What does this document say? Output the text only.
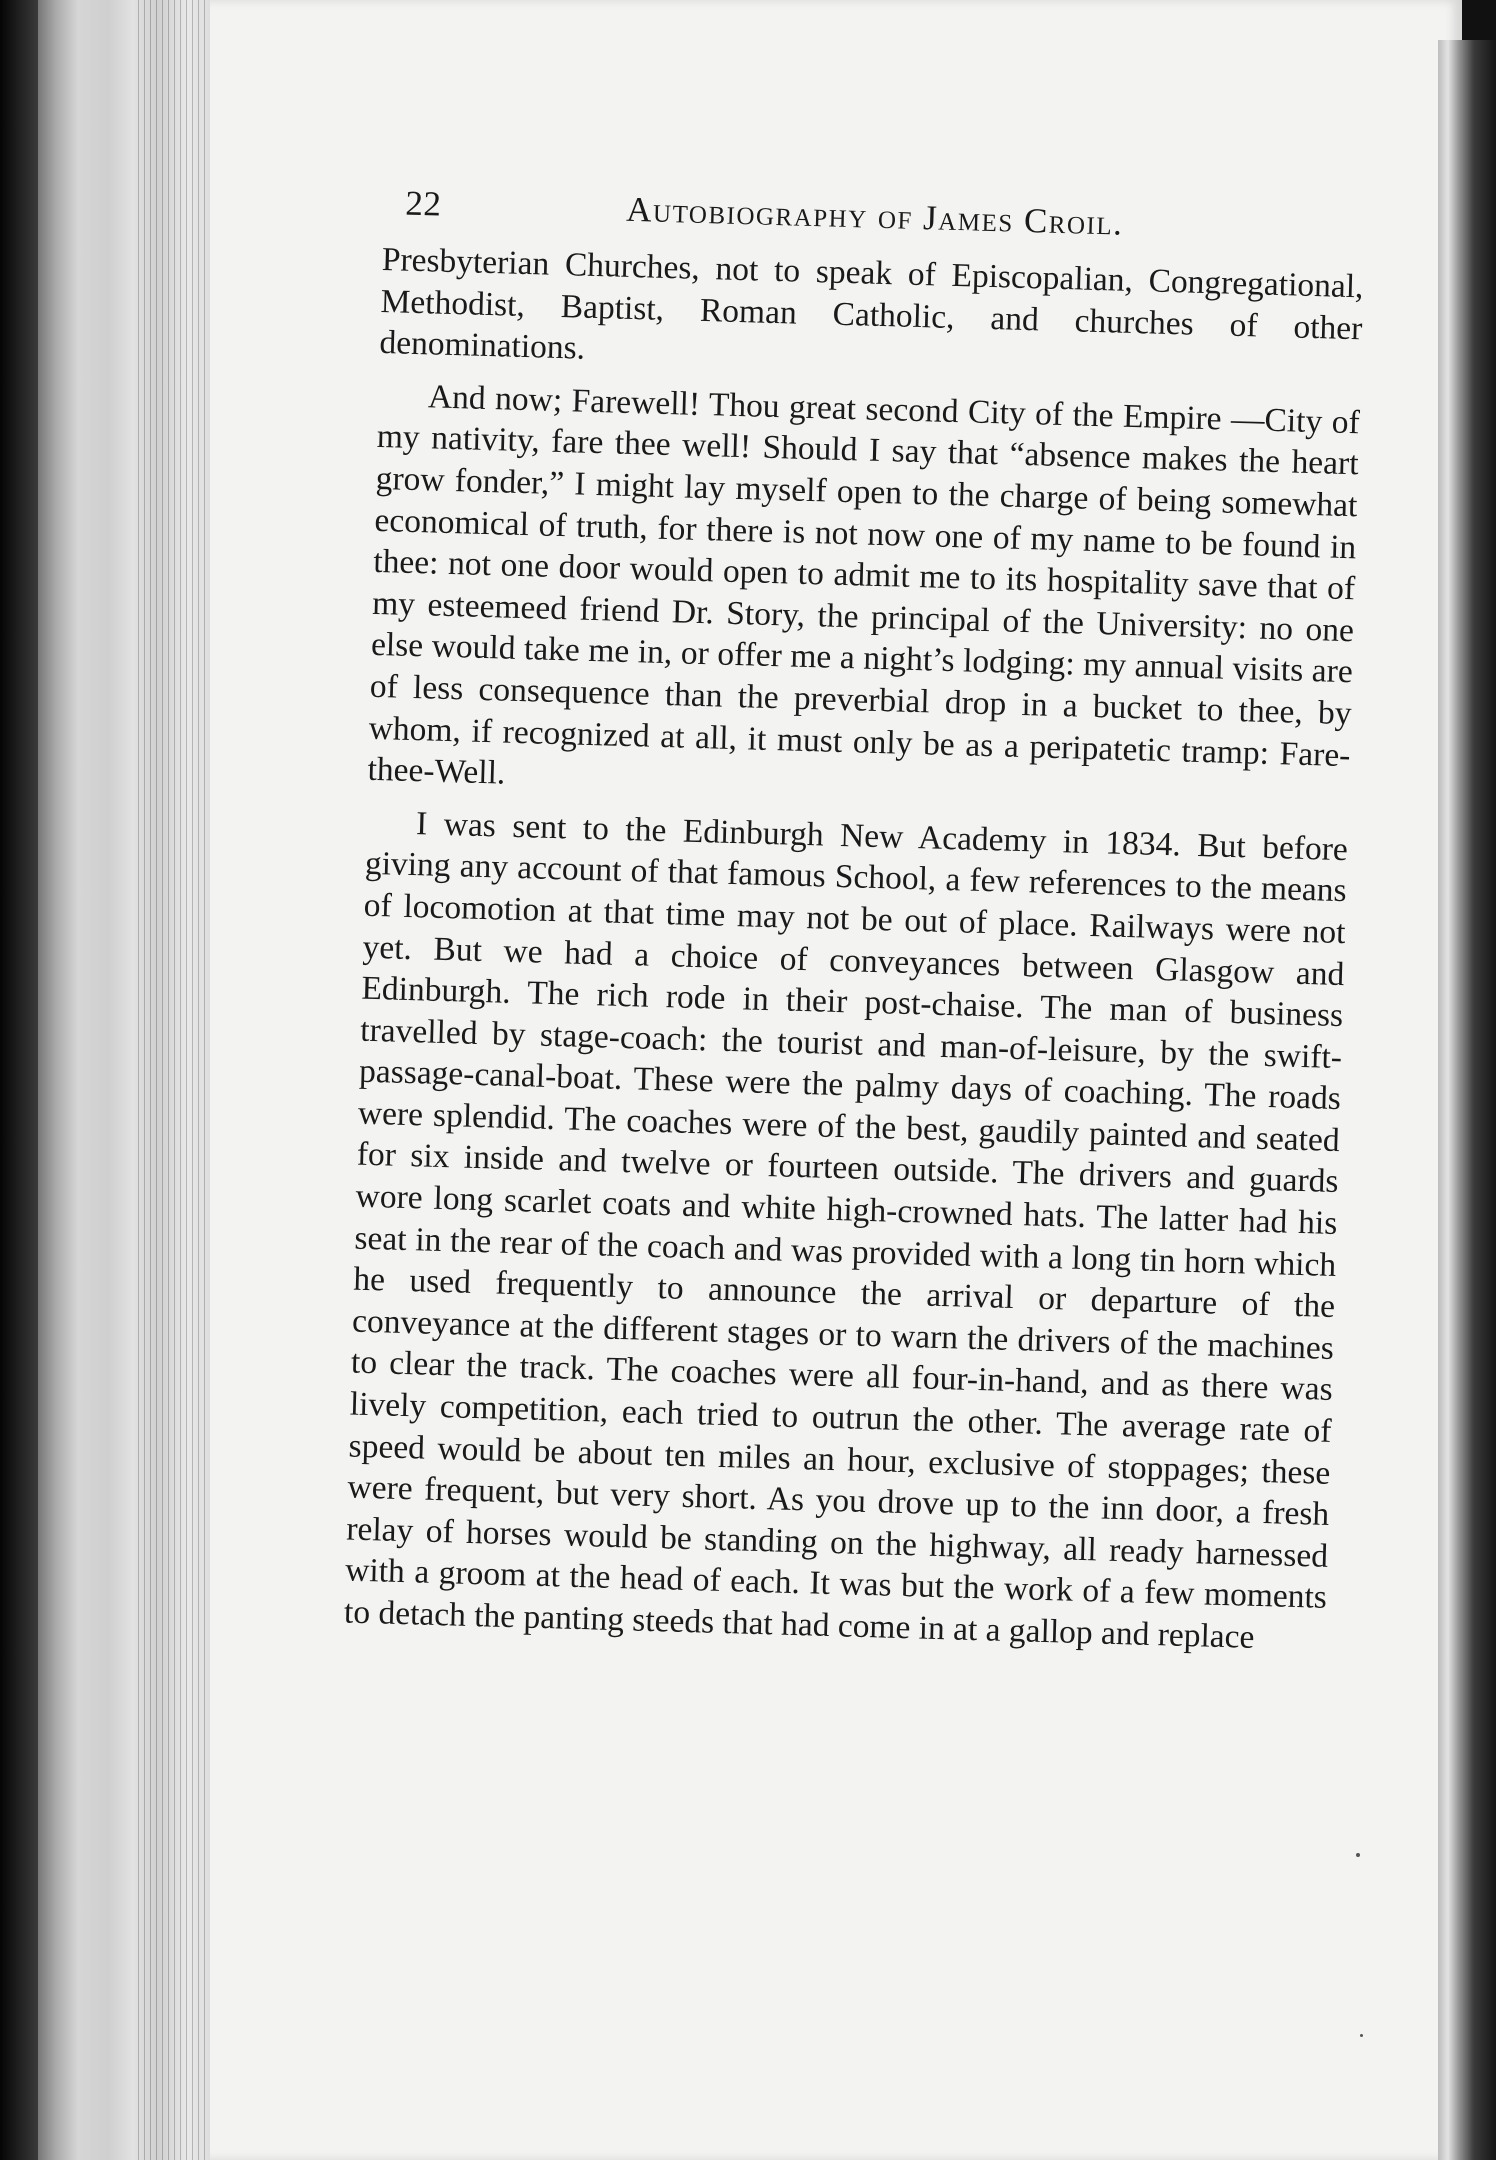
22	Autobiography of James Croil.

Presbyterian Churches, not to speak of Episcopalian, Congregational, Methodist, Baptist, Roman Catholic, and churches of other denominations.

And now; Farewell! Thou great second City of the Empire —City of my nativity, fare thee well! Should I say that “absence makes the heart grow fonder,” I might lay myself open to the charge of being somewhat economical of truth, for there is not now one of my name to be found in thee: not one door would open to admit me to its hospitality save that of my esteemeed friend Dr. Story, the principal of the University: no one else would take me in, or offer me a night’s lodging: my annual visits are of less consequence than the preverbial drop in a bucket to thee, by whom, if recognized at all, it must only be as a peripatetic tramp: Fare-thee-Well.

I was sent to the Edinburgh New Academy in 1834. But before giving any account of that famous School, a few references to the means of locomotion at that time may not be out of place. Railways were not yet. But we had a choice of conveyances between Glasgow and Edinburgh. The rich rode in their post-chaise. The man of business travelled by stage-coach: the tourist and man-of-leisure, by the swift-passage-canal-boat. These were the palmy days of coaching. The roads were splendid. The coaches were of the best, gaudily painted and seated for six inside and twelve or fourteen outside. The drivers and guards wore long scarlet coats and white high-crowned hats. The latter had his seat in the rear of the coach and was provided with a long tin horn which he used frequently to announce the arrival or departure of the conveyance at the different stages or to warn the drivers of the machines to clear the track. The coaches were all four-in-hand, and as there was lively competition, each tried to outrun the other. The average rate of speed would be about ten miles an hour, exclusive of stoppages; these were frequent, but very short. As you drove up to the inn door, a fresh relay of horses would be standing on the highway, all ready harnessed with a groom at the head of each. It was but the work of a few moments to detach the panting steeds that had come in at a gallop and replace
